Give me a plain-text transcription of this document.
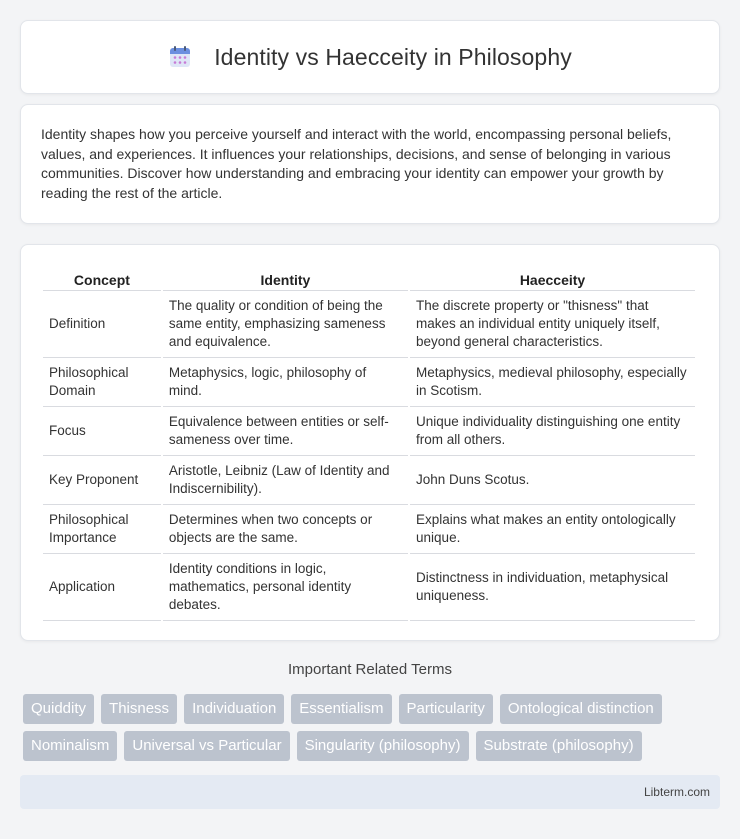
Identity vs Haecceity in Philosophy

Identity shapes how you perceive yourself and interact with the world, encompassing personal beliefs, values, and experiences. It influences your relationships, decisions, and sense of belonging in various communities. Discover how understanding and embracing your identity can empower your growth by reading the rest of the article.

Concept	Identity	Haecceity
Definition	The quality or condition of being the same entity, emphasizing sameness and equivalence.	The discrete property or "thisness" that makes an individual entity uniquely itself, beyond general characteristics.
Philosophical Domain	Metaphysics, logic, philosophy of mind.	Metaphysics, medieval philosophy, especially in Scotism.
Focus	Equivalence between entities or self-sameness over time.	Unique individuality distinguishing one entity from all others.
Key Proponent	Aristotle, Leibniz (Law of Identity and Indiscernibility).	John Duns Scotus.
Philosophical Importance	Determines when two concepts or objects are the same.	Explains what makes an entity ontologically unique.
Application	Identity conditions in logic, mathematics, personal identity debates.	Distinctness in individuation, metaphysical uniqueness.
Important Related Terms
Quiddity	Thisness	Individuation	Essentialism	Particularity	Ontological distinction
Nominalism	Universal vs Particular	Singularity (philosophy)	Substrate (philosophy)
Libterm.com
